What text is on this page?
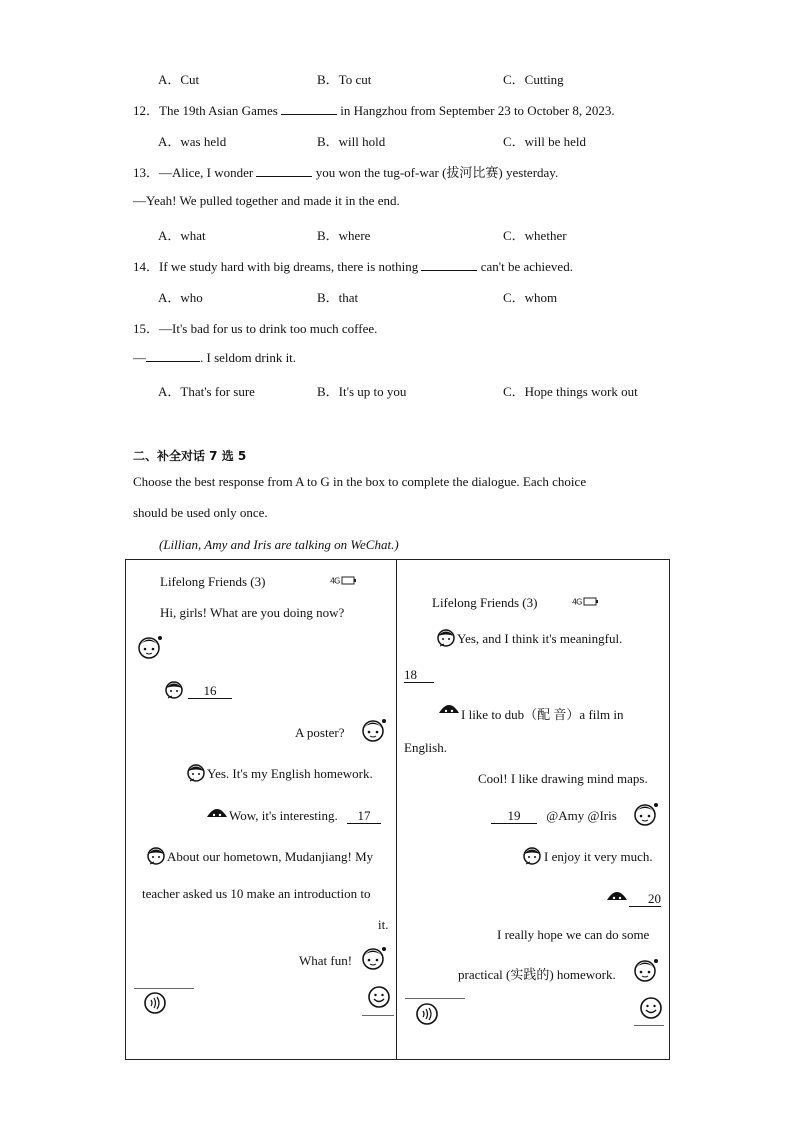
A．Cut	B．To cut	C．Cutting
12．The 19th Asian Games	in Hangzhou from September 23 to October 8, 2023.
A．was held	B．will hold	C．will be held
13．—Alice, I wonder	you won the tug-of-war (拔河比赛) yesterday.
—Yeah! We pulled together and made it in the end.
A．what	B．where	C．whether
14．If we study hard with big dreams, there is nothing	can't be achieved.
A．who	B．that	C．whom
15．—It's bad for us to drink too much coffee.
—	. I seldom drink it.
A．That's for sure	B．It's up to you	C．Hope things work out
二、补全对话 7 选 5
Choose the best response from A to G in the box to complete the dialogue. Each choice
should be used only once.
(Lillian, Amy and Iris are talking on WeChat.)
Lifelong Friends (3)	4G
Hi, girls! What are you doing now?
16
A poster?
Yes. It's my English homework.
Wow, it's interesting. 17
About our hometown, Mudanjiang! My
teacher asked us 10 make an introduction to
it.
What fun!
Lifelong Friends (3)	4G
Yes, and I think it's meaningful.
18
I like to dub（配 音）a film in
English.
Cool! I like drawing mind maps.
19 @Amy @Iris
I enjoy it very much.
20
I really hope we can do some
practical (实践的) homework.
